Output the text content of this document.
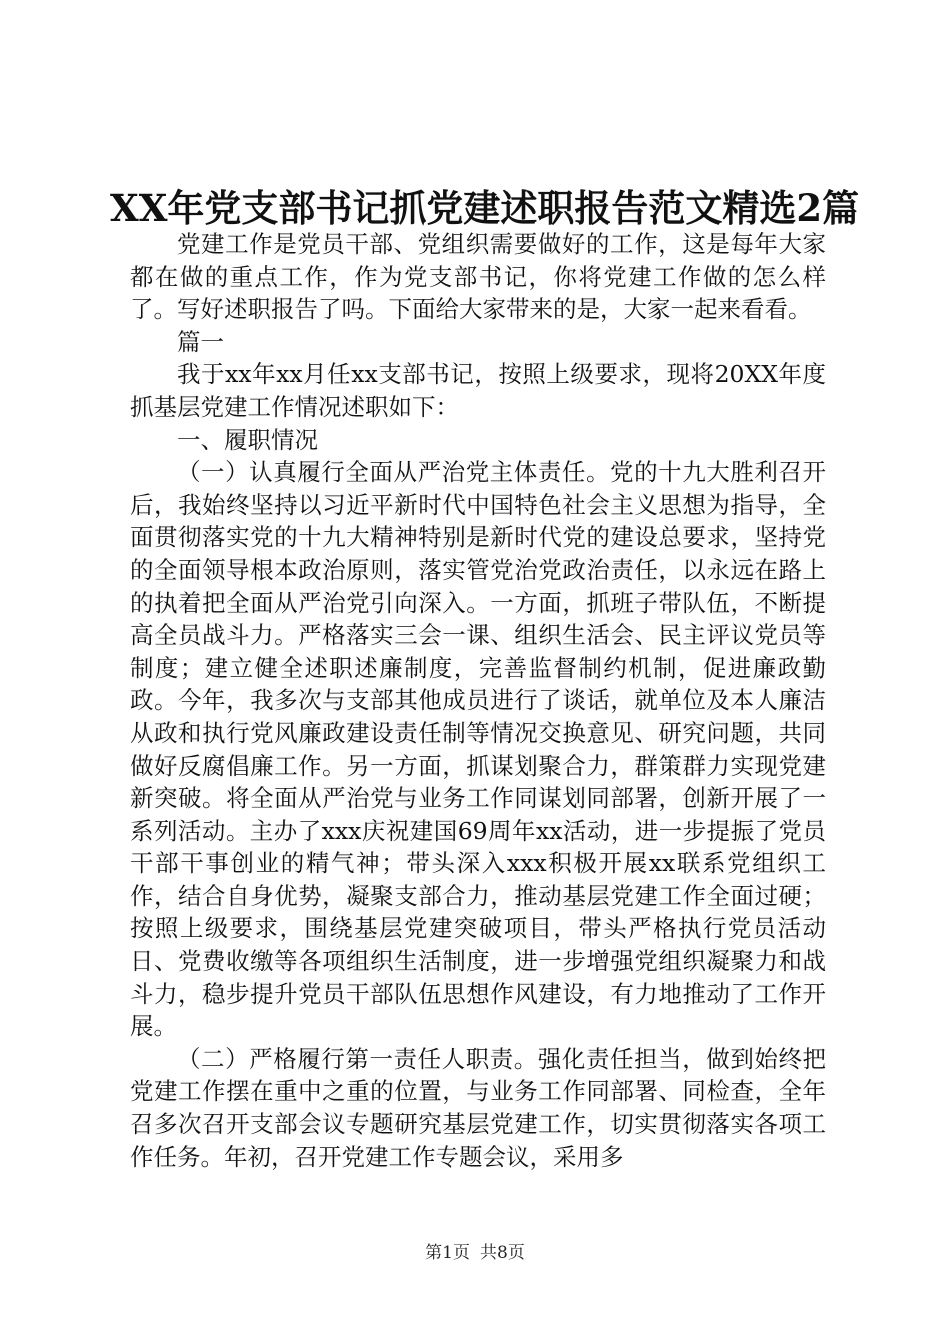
XX年党支部书记抓党建述职报告范文精选2篇

党建工作是党员干部、党组织需要做好的工作，这是每年大家都在做的重点工作，作为党支部书记，你将党建工作做的怎么样了。写好述职报告了吗。下面给大家带来的是，大家一起来看看。

篇一

我于xx年xx月任xx支部书记，按照上级要求，现将20XX年度抓基层党建工作情况述职如下：

一、履职情况

（一）认真履行全面从严治党主体责任。党的十九大胜利召开后，我始终坚持以习近平新时代中国特色社会主义思想为指导，全面贯彻落实党的十九大精神特别是新时代党的建设总要求，坚持党的全面领导根本政治原则，落实管党治党政治责任，以永远在路上的执着把全面从严治党引向深入。一方面，抓班子带队伍，不断提高全员战斗力。严格落实三会一课、组织生活会、民主评议党员等制度；建立健全述职述廉制度，完善监督制约机制，促进廉政勤政。今年，我多次与支部其他成员进行了谈话，就单位及本人廉洁从政和执行党风廉政建设责任制等情况交换意见、研究问题，共同做好反腐倡廉工作。另一方面，抓谋划聚合力，群策群力实现党建新突破。将全面从严治党与业务工作同谋划同部署，创新开展了一系列活动。主办了xxx庆祝建国69周年xx活动，进一步提振了党员干部干事创业的精气神；带头深入xxx积极开展xx联系党组织工作，结合自身优势，凝聚支部合力，推动基层党建工作全面过硬；按照上级要求，围绕基层党建突破项目，带头严格执行党员活动日、党费收缴等各项组织生活制度，进一步增强党组织凝聚力和战斗力，稳步提升党员干部队伍思想作风建设，有力地推动了工作开展。

（二）严格履行第一责任人职责。强化责任担当，做到始终把党建工作摆在重中之重的位置，与业务工作同部署、同检查，全年召多次召开支部会议专题研究基层党建工作，切实贯彻落实各项工作任务。年初，召开党建工作专题会议，采用多

第1页 共8页
